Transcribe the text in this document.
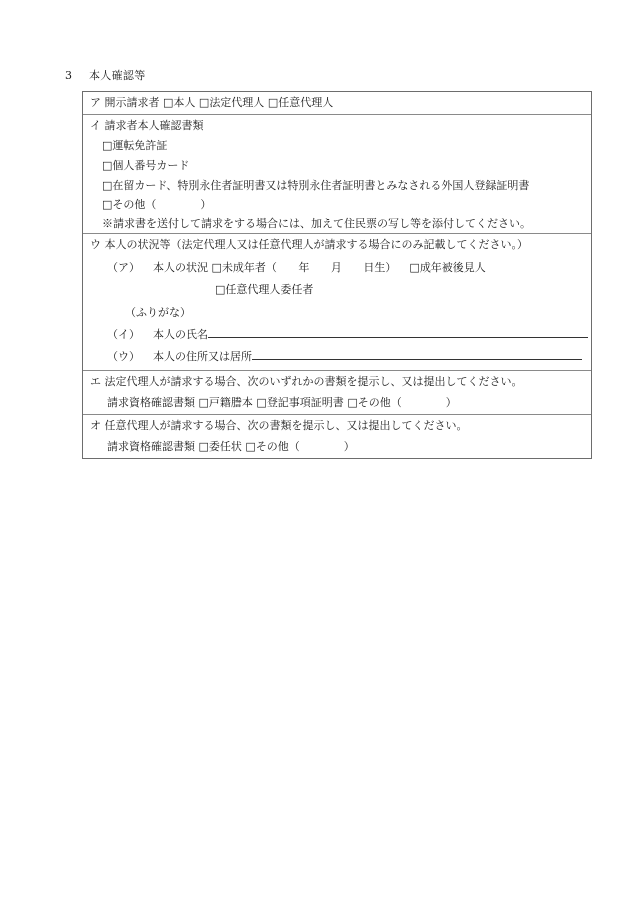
3 本人確認等
ア 開示請求者 □ 本人 □ 法定代理人 □ 任意代理人
イ 請求者本人確認書類
□ 運転免許証
□ 個人番号カード
□ 在留カード、特別永住者証明書又は特別永住者証明書とみなされる外国人登録証明書
□ その他（　　　　）
※請求書を送付して請求をする場合には、加えて住民票の写し等を添付してください。
ウ 本人の状況等（法定代理人又は任意代理人が請求する場合にのみ記載してください。）
（ア） 本人の状況 □ 未成年者（ 年 月 日生） □ 成年被後見人
□ 任意代理人委任者
（ふりがな）
（イ） 本人の氏名
（ウ） 本人の住所又は居所
エ 法定代理人が請求する場合、次のいずれかの書類を提示し、又は提出してください。
請求資格確認書類 □ 戸籍謄本 □ 登記事項証明書 □ その他（　　　　）
オ 任意代理人が請求する場合、次の書類を提示し、又は提出してください。
請求資格確認書類 □ 委任状 □ その他（　　　　）
